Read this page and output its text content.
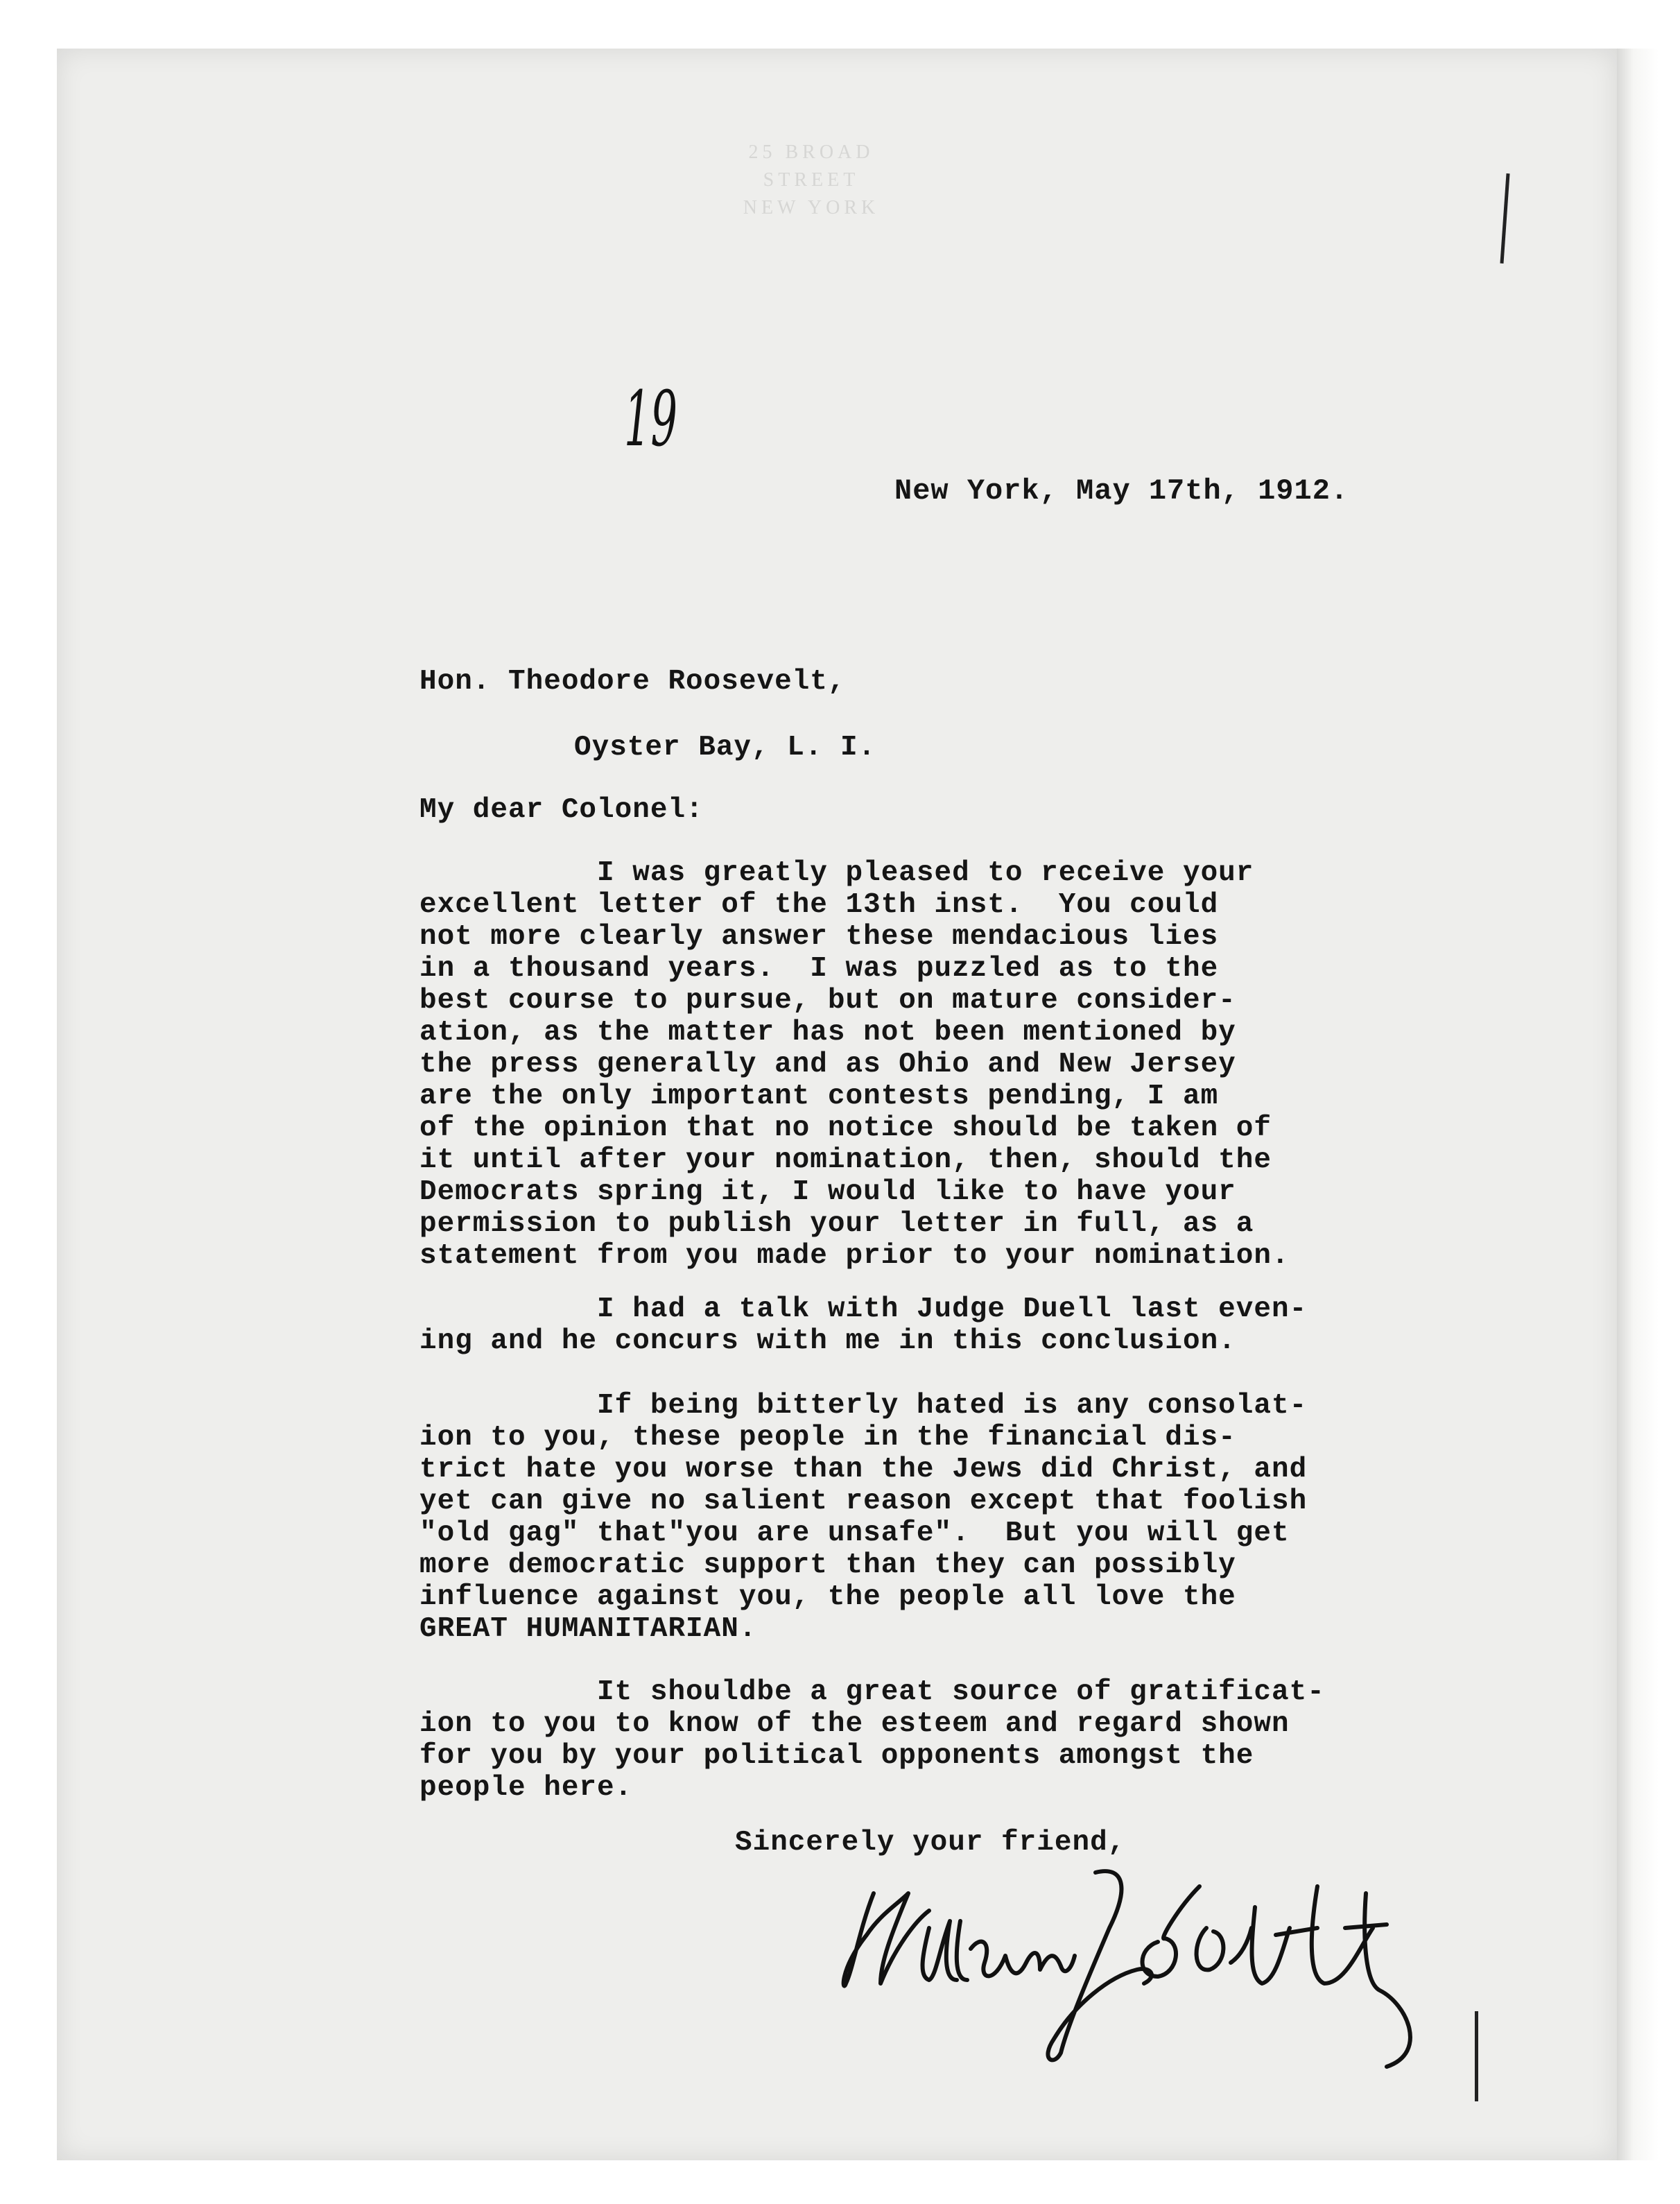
25 BROAD STREET
NEW YORK
19
New York, May 17th, 1912.
Hon. Theodore Roosevelt,
Oyster Bay, L. I.
My dear Colonel:
I was greatly pleased to receive your
excellent letter of the 13th inst.  You could
not more clearly answer these mendacious lies
in a thousand years.  I was puzzled as to the
best course to pursue, but on mature consider-
ation, as the matter has not been mentioned by
the press generally and as Ohio and New Jersey
are the only important contests pending, I am
of the opinion that no notice should be taken of
it until after your nomination, then, should the
Democrats spring it, I would like to have your
permission to publish your letter in full, as a
statement from you made prior to your nomination.
I had a talk with Judge Duell last even-
ing and he concurs with me in this conclusion.
If being bitterly hated is any consolat-
ion to you, these people in the financial dis-
trict hate you worse than the Jews did Christ, and
yet can give no salient reason except that foolish
"old gag" that"you are unsafe".  But you will get
more democratic support than they can possibly
influence against you, the people all love the
GREAT HUMANITARIAN.
It shouldbe a great source of gratificat-
ion to you to know of the esteem and regard shown
for you by your political opponents amongst the
people here.
Sincerely your friend,
